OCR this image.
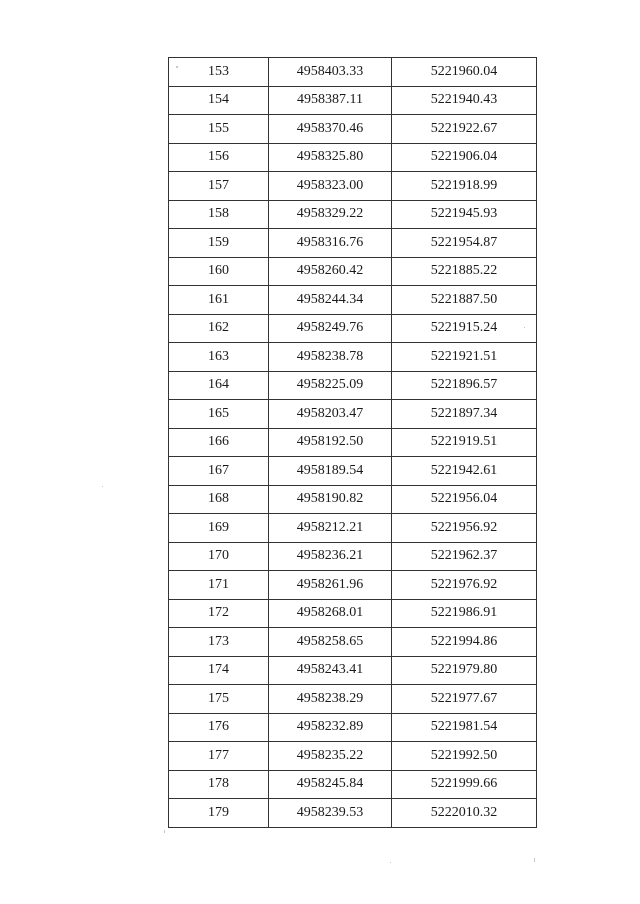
153	4958403.33	5221960.04
154	4958387.11	5221940.43
155	4958370.46	5221922.67
156	4958325.80	5221906.04
157	4958323.00	5221918.99
158	4958329.22	5221945.93
159	4958316.76	5221954.87
160	4958260.42	5221885.22
161	4958244.34	5221887.50
162	4958249.76	5221915.24
163	4958238.78	5221921.51
164	4958225.09	5221896.57
165	4958203.47	5221897.34
166	4958192.50	5221919.51
167	4958189.54	5221942.61
168	4958190.82	5221956.04
169	4958212.21	5221956.92
170	4958236.21	5221962.37
171	4958261.96	5221976.92
172	4958268.01	5221986.91
173	4958258.65	5221994.86
174	4958243.41	5221979.80
175	4958238.29	5221977.67
176	4958232.89	5221981.54
177	4958235.22	5221992.50
178	4958245.84	5221999.66
179	4958239.53	5222010.32
